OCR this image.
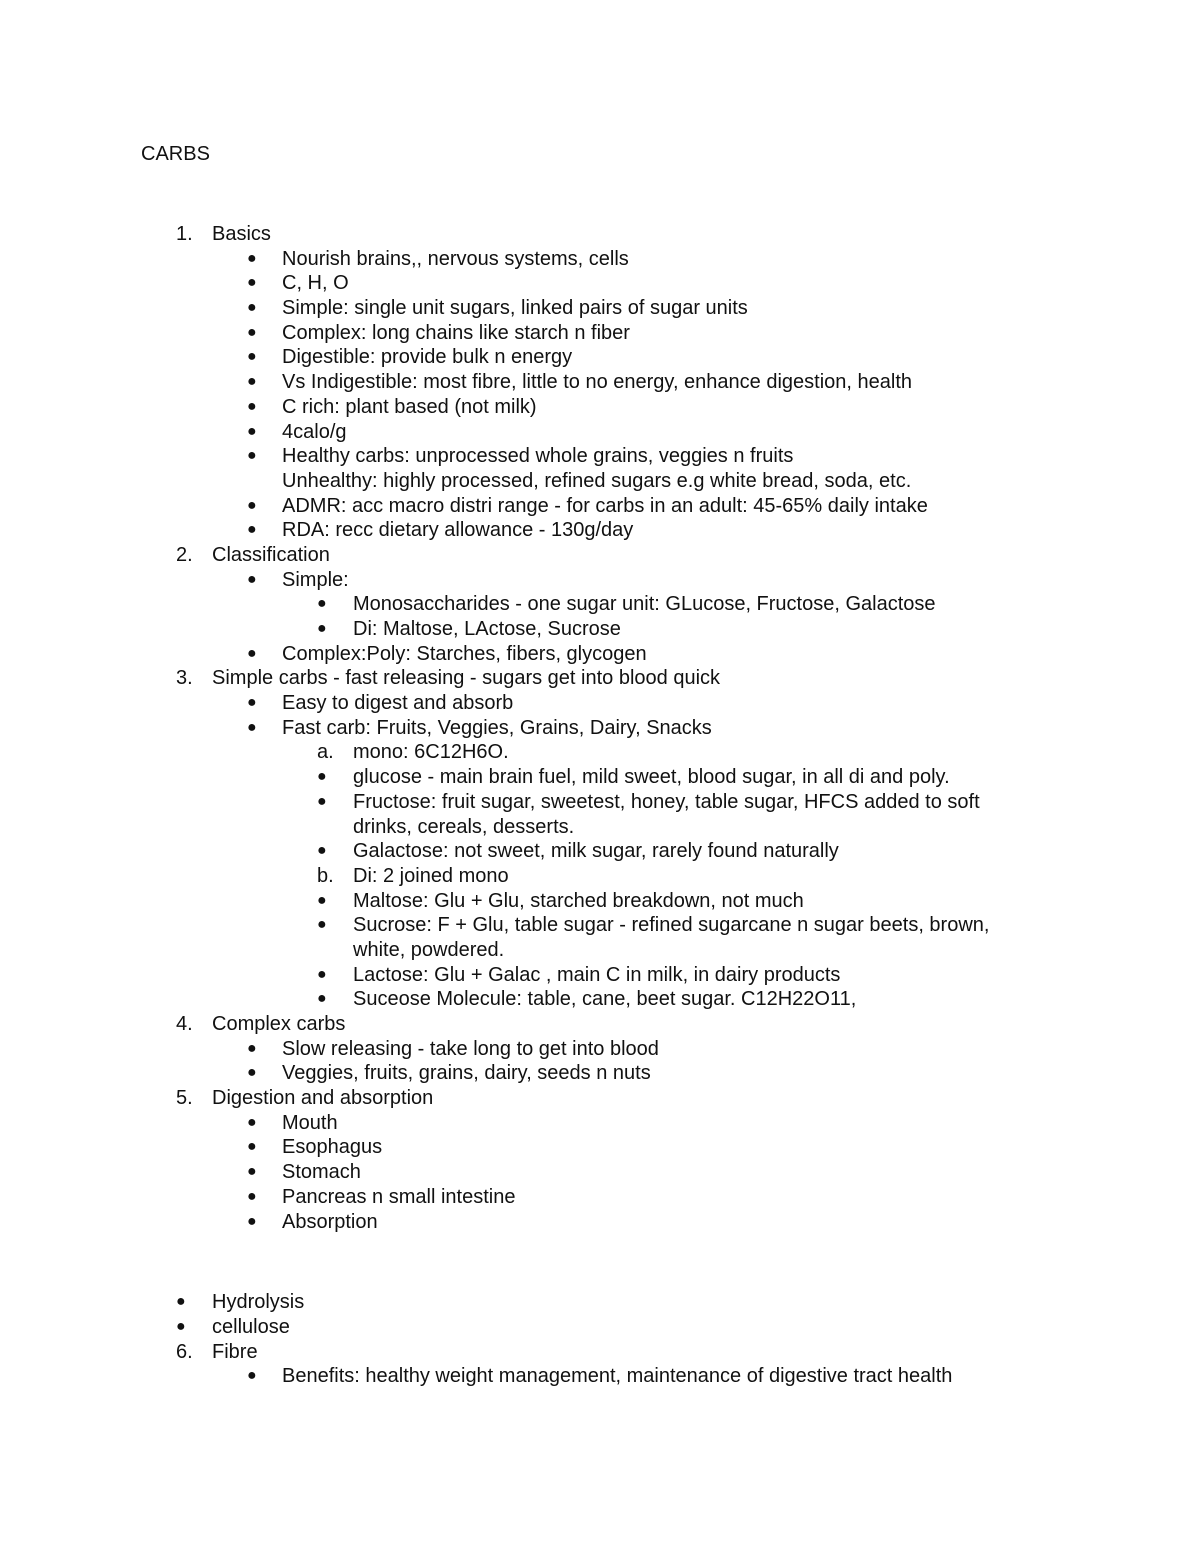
CARBS
1. Basics
● Nourish brains,, nervous systems, cells
● C, H, O
● Simple: single unit sugars, linked pairs of sugar units
● Complex: long chains like starch n fiber
● Digestible: provide bulk n energy
● Vs Indigestible: most fibre, little to no energy, enhance digestion, health
● C rich: plant based (not milk)
● 4calo/g
● Healthy carbs: unprocessed whole grains, veggies n fruits
Unhealthy: highly processed, refined sugars e.g white bread, soda, etc.
● ADMR: acc macro distri range - for carbs in an adult: 45-65% daily intake
● RDA: recc dietary allowance - 130g/day
2. Classification
● Simple:
● Monosaccharides - one sugar unit: GLucose, Fructose, Galactose
● Di: Maltose, LActose, Sucrose
● Complex:Poly: Starches, fibers, glycogen
3. Simple carbs - fast releasing - sugars get into blood quick
● Easy to digest and absorb
● Fast carb: Fruits, Veggies, Grains, Dairy, Snacks
a. mono: 6C12H6O.
● glucose - main brain fuel, mild sweet, blood sugar, in all di and poly.
● Fructose: fruit sugar, sweetest, honey, table sugar, HFCS added to soft
drinks, cereals, desserts.
● Galactose: not sweet, milk sugar, rarely found naturally
b. Di: 2 joined mono
● Maltose: Glu + Glu, starched breakdown, not much
● Sucrose: F + Glu, table sugar - refined sugarcane n sugar beets, brown,
white, powdered.
● Lactose: Glu + Galac , main C in milk, in dairy products
● Suceose Molecule: table, cane, beet sugar. C12H22O11,
4. Complex carbs
● Slow releasing - take long to get into blood
● Veggies, fruits, grains, dairy, seeds n nuts
5. Digestion and absorption
● Mouth
● Esophagus
● Stomach
● Pancreas n small intestine
● Absorption
● Hydrolysis
● cellulose
6. Fibre
● Benefits: healthy weight management, maintenance of digestive tract health
